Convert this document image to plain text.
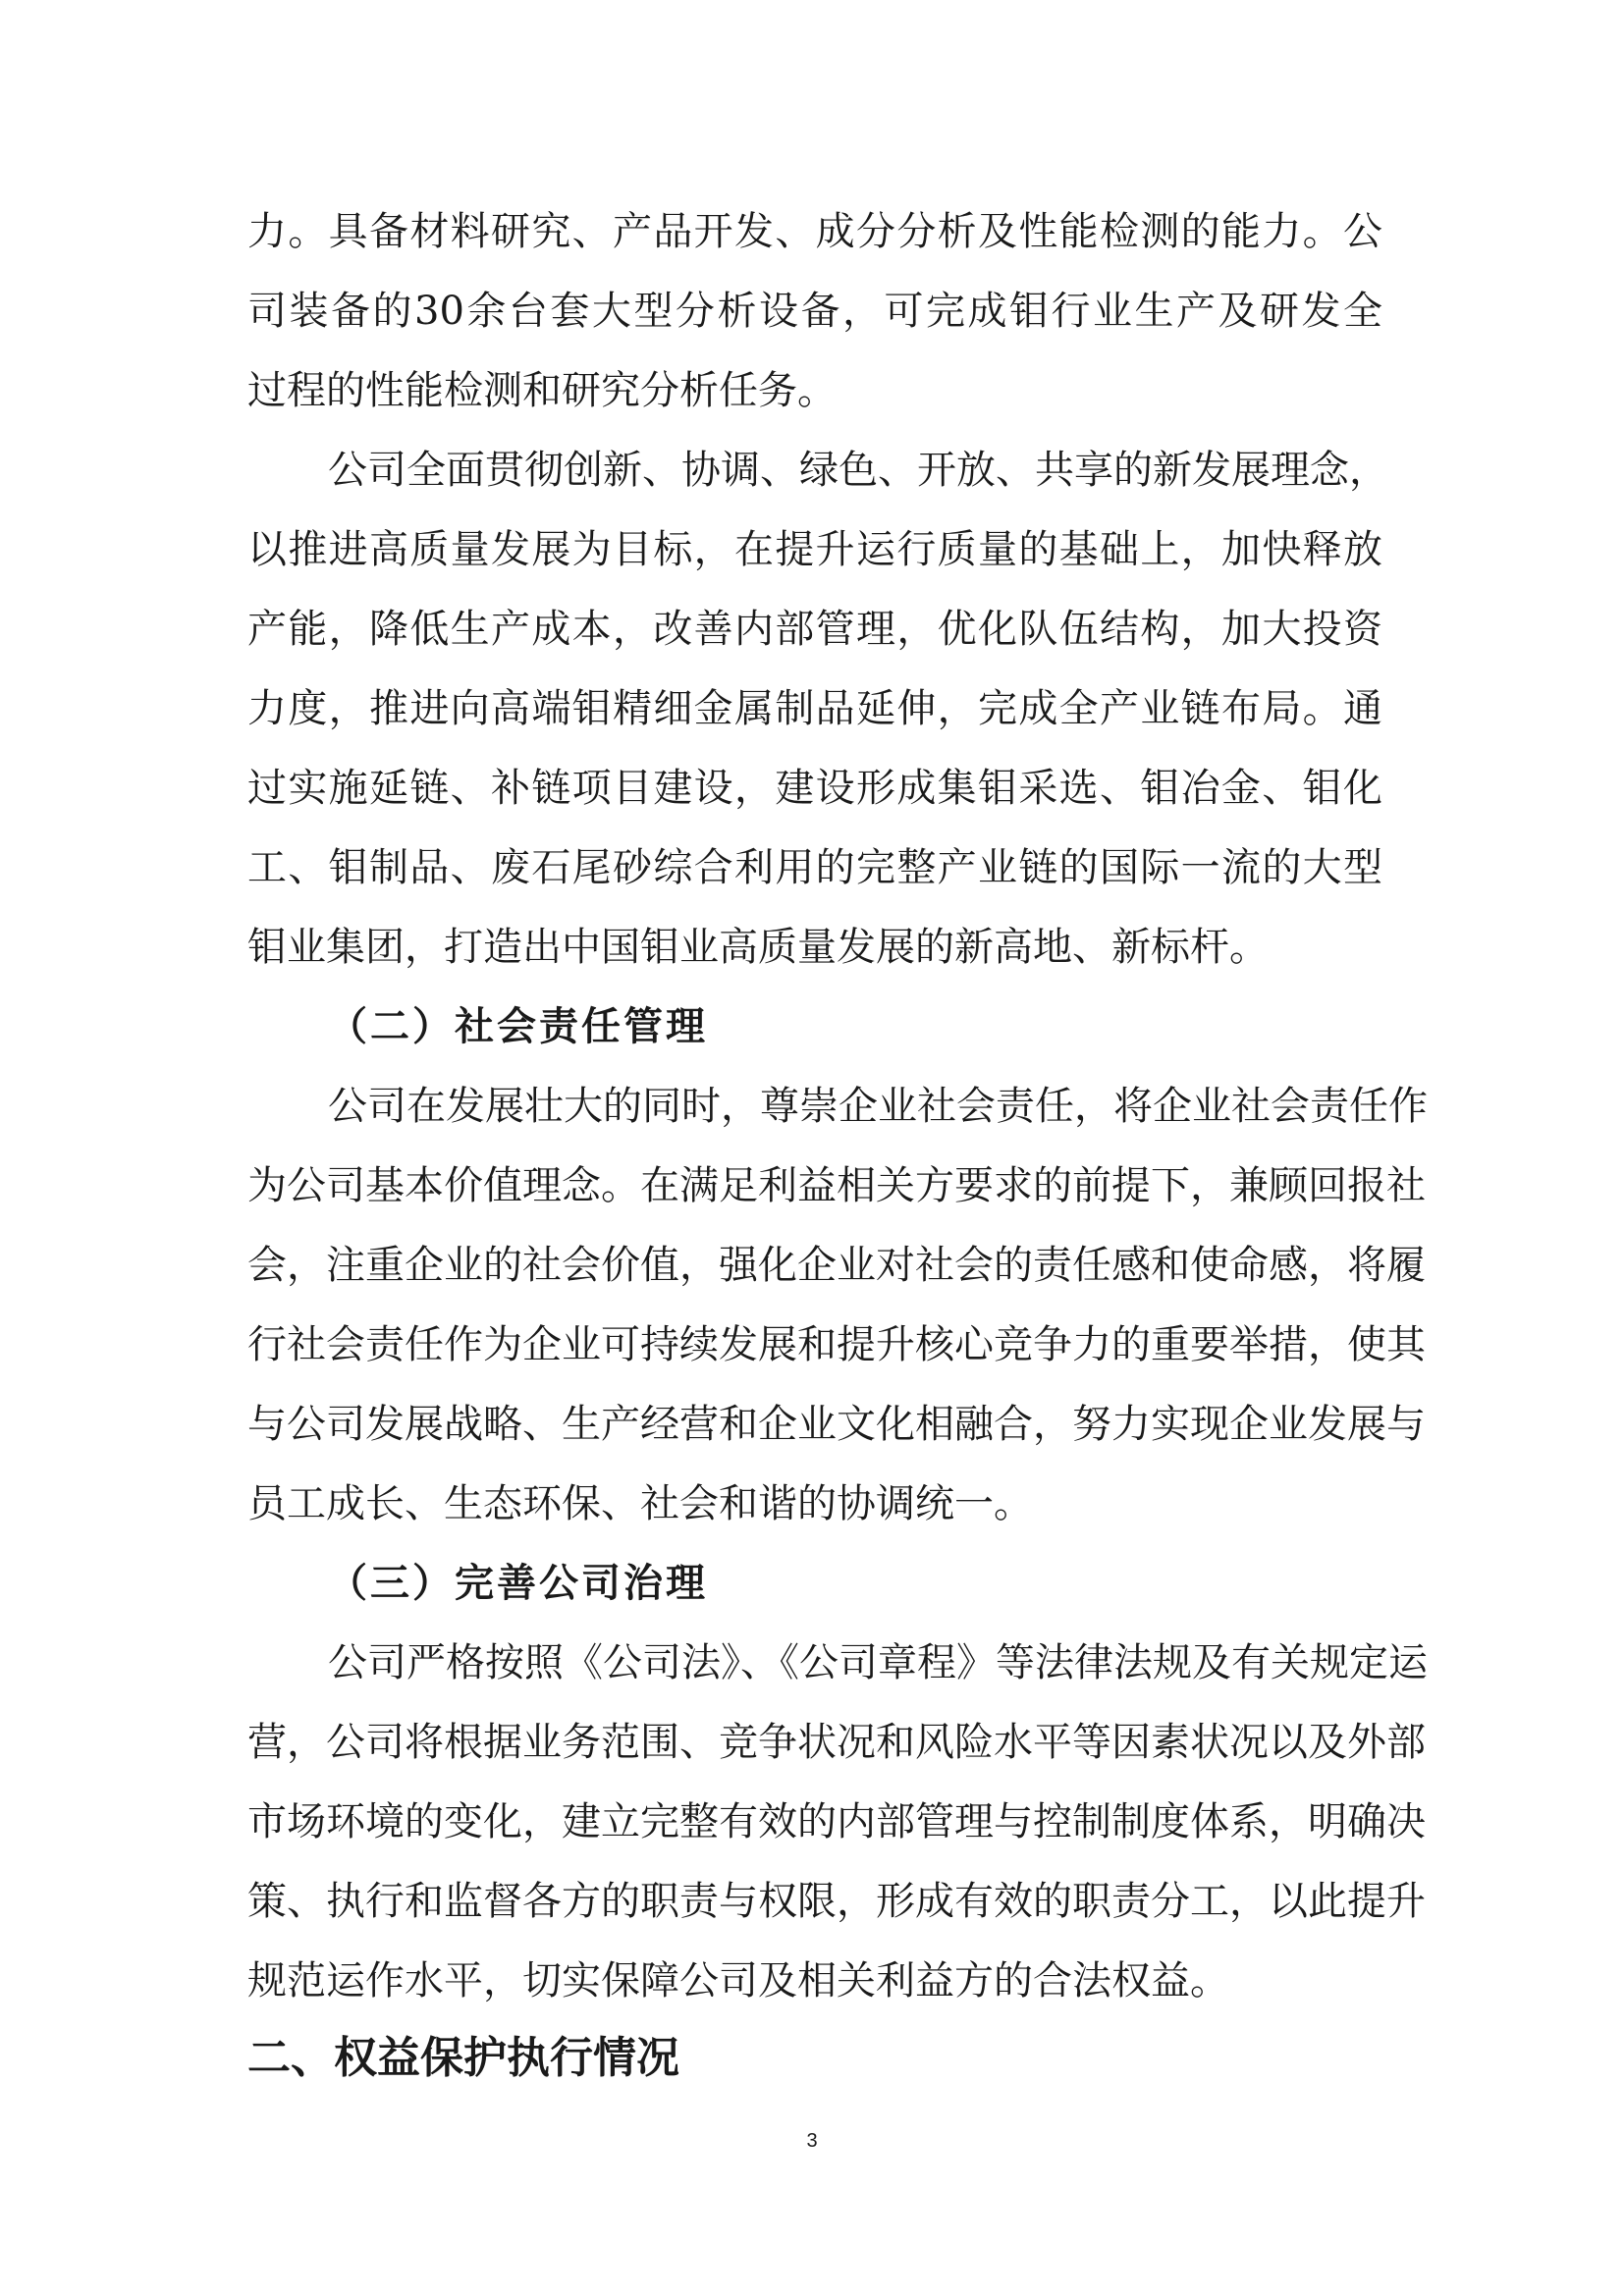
力。具备材料研究、产品开发、成分分析及性能检测的能力。公
司装备的30余台套大型分析设备，可完成钼行业生产及研发全
过程的性能检测和研究分析任务。
公司全面贯彻创新、协调、绿色、开放、共享的新发展理念，
以推进高质量发展为目标，在提升运行质量的基础上，加快释放
产能，降低生产成本，改善内部管理，优化队伍结构，加大投资
力度，推进向高端钼精细金属制品延伸，完成全产业链布局。通
过实施延链、补链项目建设，建设形成集钼采选、钼冶金、钼化
工、钼制品、废石尾砂综合利用的完整产业链的国际一流的大型
钼业集团，打造出中国钼业高质量发展的新高地、新标杆。
（二）社会责任管理
公司在发展壮大的同时，尊崇企业社会责任，将企业社会责任作
为公司基本价值理念。在满足利益相关方要求的前提下，兼顾回报社
会，注重企业的社会价值，强化企业对社会的责任感和使命感，将履
行社会责任作为企业可持续发展和提升核心竞争力的重要举措，使其
与公司发展战略、生产经营和企业文化相融合，努力实现企业发展与
员工成长、生态环保、社会和谐的协调统一。
（三）完善公司治理
公司严格按照《公司法》、《公司章程》等法律法规及有关规定运
营，公司将根据业务范围、竞争状况和风险水平等因素状况以及外部
市场环境的变化，建立完整有效的内部管理与控制制度体系，明确决
策、执行和监督各方的职责与权限，形成有效的职责分工，以此提升
规范运作水平，切实保障公司及相关利益方的合法权益。
二、权益保护执行情况
3
